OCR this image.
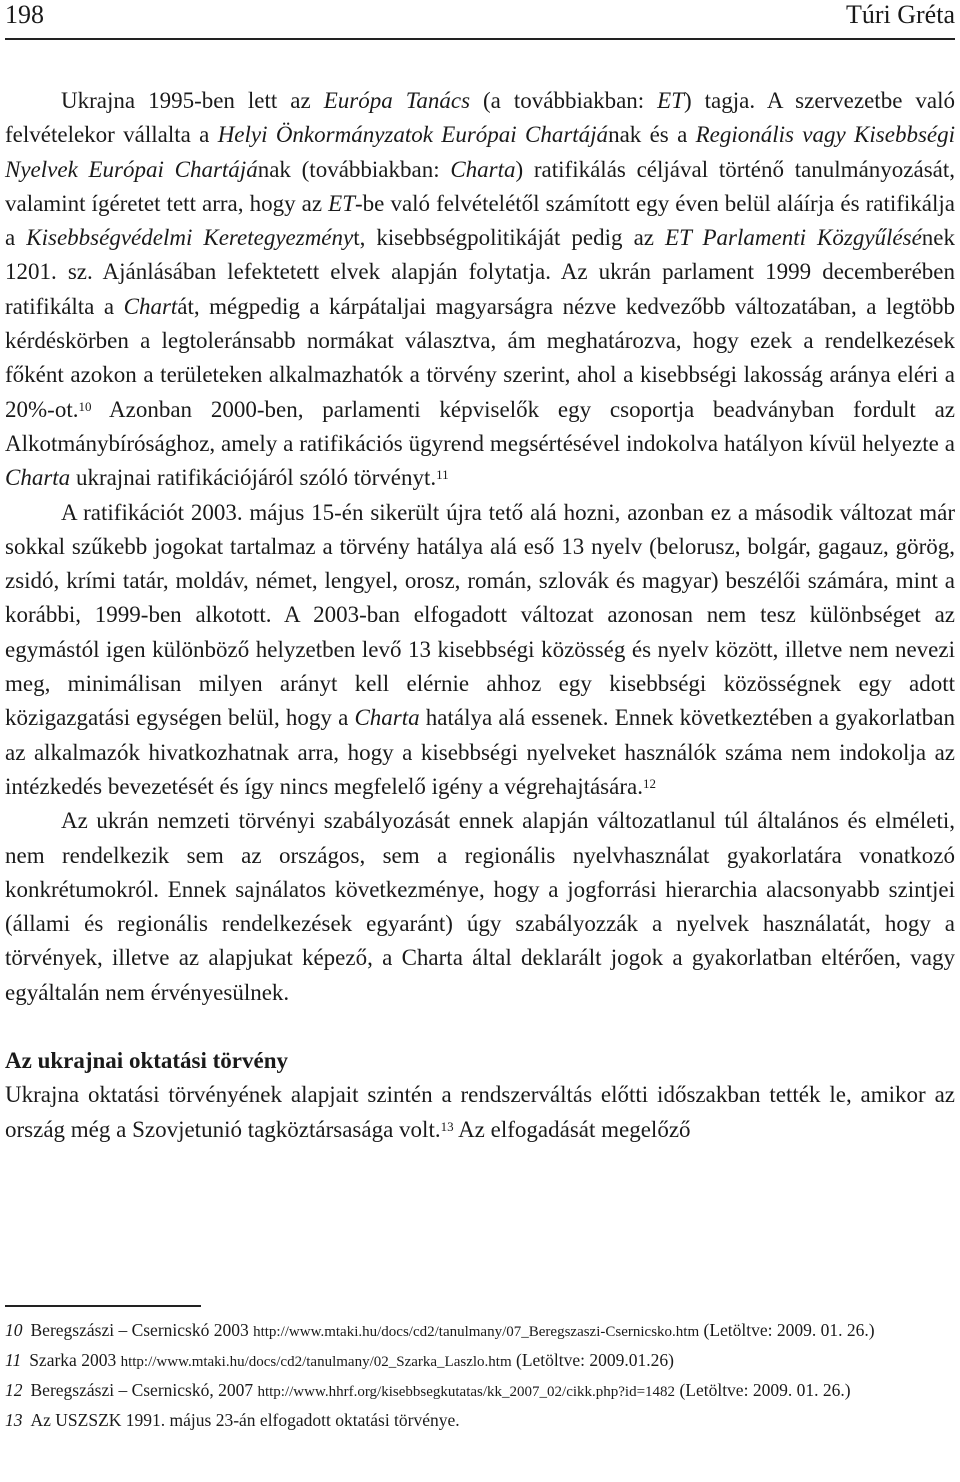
198	Túri Gréta

Ukrajna 1995-ben lett az Európa Tanács (a továbbiakban: ET) tagja. A szervezetbe való felvételekor vállalta a Helyi Önkormányzatok Európai Chartájának és a Regionális vagy Kisebbségi Nyelvek Európai Chartájának (továbbiakban: Charta) ratifikálás céljával történő tanulmányozását, valamint ígéretet tett arra, hogy az ET-be való felvételétől számított egy éven belül aláírja és ratifikálja a Kisebbségvédelmi Keretegyezményt, kisebbségpolitikáját pedig az ET Parlamenti Közgyűlésének 1201. sz. Ajánlásában lefektetett elvek alapján folytatja. Az ukrán parlament 1999 decemberében ratifikálta a Chartát, mégpedig a kárpátaljai magyarságra nézve kedvezőbb változatában, a legtöbb kérdéskörben a legtoleránsabb normákat választva, ám meghatározva, hogy ezek a rendelkezések főként azokon a területeken alkalmazhatók a törvény szerint, ahol a kisebbségi lakosság aránya eléri a 20%-ot.$^{10}$ Azonban 2000-ben, parlamenti képviselők egy csoportja beadványban fordult az Alkotmánybírósághoz, amely a ratifikációs ügyrend megsértésével indokolva hatályon kívül helyezte a Charta ukrajnai ratifikációjáról szóló törvényt.$^{11}$

A ratifikációt 2003. május 15-én sikerült újra tető alá hozni, azonban ez a második változat már sokkal szűkebb jogokat tartalmaz a törvény hatálya alá eső 13 nyelv (belorusz, bolgár, gagauz, görög, zsidó, krími tatár, moldáv, német, lengyel, orosz, román, szlovák és magyar) beszélői számára, mint a korábbi, 1999-ben alkotott. A 2003-ban elfogadott változat azonosan nem tesz különbséget az egymástól igen különböző helyzetben levő 13 kisebbségi közösség és nyelv között, illetve nem nevezi meg, minimálisan milyen arányt kell elérnie ahhoz egy kisebbségi közösségnek egy adott közigazgatási egységen belül, hogy a Charta hatálya alá essenek. Ennek következtében a gyakorlatban az alkalmazók hivatkozhatnak arra, hogy a kisebbségi nyelveket használók száma nem indokolja az intézkedés bevezetését és így nincs megfelelő igény a végrehajtására.$^{12}$

Az ukrán nemzeti törvényi szabályozását ennek alapján változatlanul túl általános és elméleti, nem rendelkezik sem az országos, sem a regionális nyelvhasználat gyakorlatára vonatkozó konkrétumokról. Ennek sajnálatos következménye, hogy a jogforrási hierarchia alacsonyabb szintjei (állami és regionális rendelkezések egyaránt) úgy szabályozzák a nyelvek használatát, hogy a törvények, illetve az alapjukat képező, a Charta által deklarált jogok a gyakorlatban eltérően, vagy egyáltalán nem érvényesülnek.

Az ukrajnai oktatási törvény

Ukrajna oktatási törvényének alapjait szintén a rendszerváltás előtti időszakban tették le, amikor az ország még a Szovjetunió tagköztársasága volt.$^{13}$ Az elfogadását megelőző

10 Beregszászi – Csernicskó 2003 http://www.mtaki.hu/docs/cd2/tanulmany/07_Beregszaszi-Csernicsko.htm (Letöltve: 2009. 01. 26.)

11 Szarka 2003 http://www.mtaki.hu/docs/cd2/tanulmany/02_Szarka_Laszlo.htm (Letöltve: 2009.01.26)

12 Beregszászi – Csernicskó, 2007 http://www.hhrf.org/kisebbsegkutatas/kk_2007_02/cikk.php?id=1482 (Letöltve: 2009. 01. 26.)

13 Az USZSZK 1991. május 23-án elfogadott oktatási törvénye.
